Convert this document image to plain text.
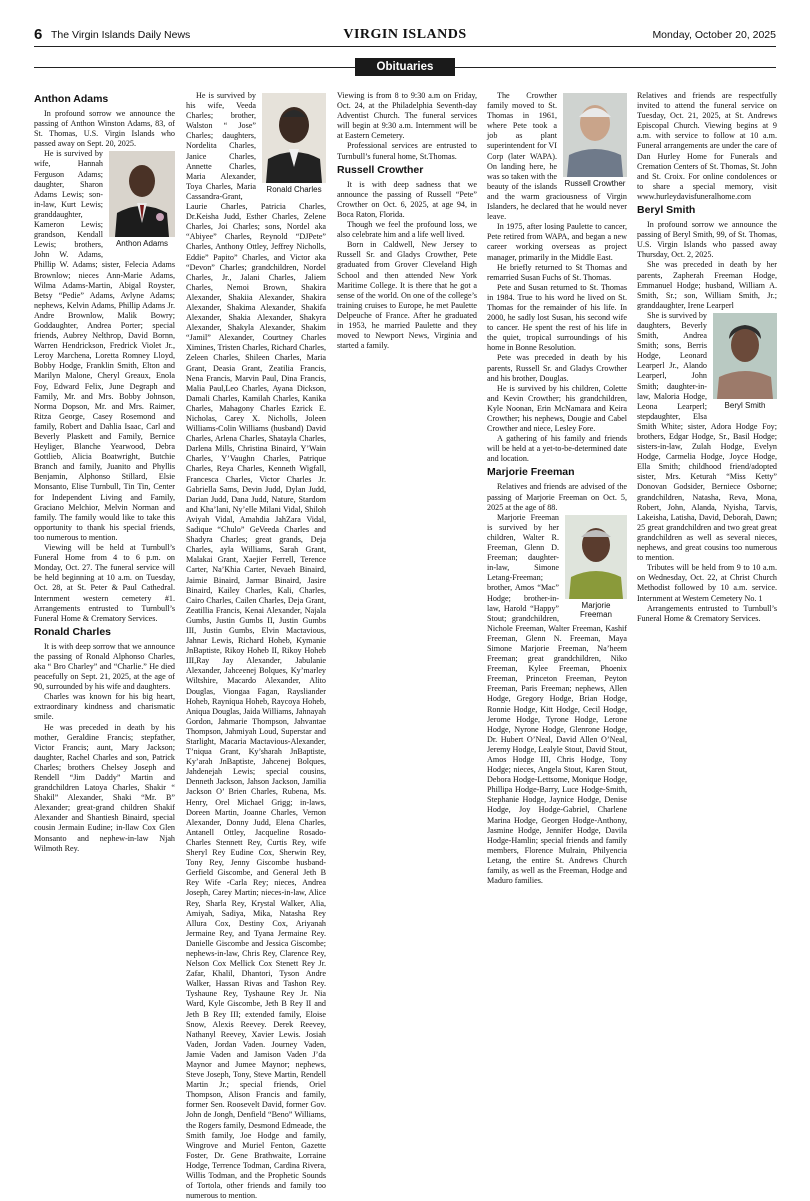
6 The Virgin Islands Daily News	VIRGIN ISLANDS	Monday, October 20, 2025
Obituaries
Anthon Adams

In profound sorrow we announce the passing of Anthon Winston Adams, 83, of St. Thomas, U.S. Virgin Islands who passed away on Sept. 20, 2025.

Anthon Adams

He is survived by wife, Hannah Ferguson Adams; daughter, Sharon Adams Lewis; son-in-law, Kurt Lewis; granddaughter, Kameron Lewis; grandson, Kendall Lewis; brothers, John W. Adams, Phillip W. Adams; sister, Felecia Adams Brownlow; nieces Ann-Marie Adams, Wilma Adams-Martin, Abigal Royster, Betsy “Pedie” Adams, Avlyne Adams; nephews, Kelvin Adams, Phillip Adams Jr. Andre Brownlow, Malik Bowry; Goddaughter, Andrea Porter; special friends, Aubrey Nelthrop, David Bornn, Warren Hendrickson, Fredrick Violet Jr., Leroy Marchena, Loretta Romney Lloyd, Bobby Hodge, Franklin Smith, Elton and Marilyn Malone, Cheryl Greaux, Enola Foy, Edward Felix, June Degraph and Family, Mr. and Mrs. Bobby Johnson, Norma Dopson, Mr. and Mrs. Raimer, Ritza George, Casey Rosemond and family, Robert and Dahlia Isaac, Carl and Beverly Plaskett and Family, Bernice Heyliger, Blanche Yearwood, Debra Gottlieb, Alicia Boatwright, Butchie Branch and family, Juanito and Phyllis Benjamin, Alphonso Stillard, Elsie Monsanto, Elise Turnbull, Tin Tin, Center for Independent Living and Family, Graciano Melchior, Melvin Norman and family. The family would like to take this opportunity to thank his special friends, too numerous to mention.

Viewing will be held at Turnbull’s Funeral Home from 4 to 6 p.m. on Monday, Oct. 27. The funeral service will be held beginning at 10 a.m. on Tuesday, Oct. 28, at St. Peter & Paul Cathedral. Internment western cemetery #1. Arrangements entrusted to Turnbull’s Funeral Home & Crematory Services.

Ronald Charles

It is with deep sorrow that we announce the passing of Ronald Alphonso Charles, aka “ Bro Charley” and “Charlie.” He died peacefully on Sept. 21, 2025, at the age of 90, surrounded by his wife and daughters.

Charles was known for his big heart, extraordinary kindness and charismatic smile.

He was preceded in death by his mother, Geraldine Francis; stepfather, Victor Francis; aunt, Mary Jackson; daughter, Rachel Charles and son, Patrick Charles; brothers Chelsey Joseph and Rendell “Jim Daddy” Martin and grandchildren Latoya Charles, Shakir “ Shakil” Alexander, Shaki “Mr. B” Alexander; great-grand children Shakif Alexander and Shantiesh Binaird, special cousin Jermain Eudine; in-llaw Cox Glen Monsanto and nephew-in-law Njah Wilmoth Rey.

Ronald Charles

He is survived by his wife, Veeda Charles; brother, Walston “ Jose” Charles; daughters, Nordelita Charles, Janice Charles, Annette Charles, Maria Alexander, Toya Charles, Maria Cassandra-Grant, Laurie Charles, Patricia Charles, Dr.Keisha Judd, Esther Charles, Zelene Charles, Joi Charles; sons, Nordel aka “Abiyee” Charles, Reynold “DJPete” Charles, Anthony Ottley, Jeffrey Nicholls, Eddie” Papito” Charles, and Victor aka “Devon” Charles; grandchildren, Nordel Charles, Jr., Jalani Charles, Jaliem Charles, Nemoi Brown, Shakira Alexander, Shakiia Alexander, Shakira Alexander, Shakima Alexander, Shakifa Alexander, Shakia Alexander, Shakyra Alexander, Shakyla Alexander, Shakim “Jamil” Alexander, Courtney Charles Ximines, Tristen Charles, Richard Charles, Zeleen Charles, Shileen Charles, Maria Grant, Deasia Grant, Zeatilia Francis, Nena Francis, Marvin Paul, Dina Francis, Malia Paul,Leo Charles, Ayana Dickson, Damali Charles, Kamilah Charles, Kanika Charles, Mahagony Charles Ezrick E. Nicholas, Carey X. Nicholls, Joleen Williams-Colin Williams (husband) David Charles, Arlena Charles, Shatayla Charles, Darlena Mills, Christina Binaird, Y’Wain Charles, Y’Vaughn Charles, Patrique Charles, Reya Charles, Kenneth Wigfall, Francesca Charles, Victor Charles Jr. Gabriella Sams, Devin Judd, Dylan Judd, Darian Judd, Dana Judd, Nature, Stardom and Kha’lani, Ny’elle Milani Vidal, Shiloh Aviyah Vidal, Amahdia JahZara Vidal, Sadique “Chulo” GeVeeda Charles and Shadyra Charles; great grands, Deja Charles, ayla Williams, Sarah Grant, Malakai Grant, Xaejier Ferrell, Terence Carter, Na’Khia Carter, Nevaeh Binaird, Jaimie Binaird, Jarmar Binaird, Jasire Binaird, Kailey Charles, Kali, Charles, Cairo Charles, Cailen Charles, Deja Grant, Zeatillia Francis, Kenai Alexander, Najala Gumbs, Justin Gumbs II, Justin Gumbs III, Justin Gumbs, Elvin Mactavious, Jahnar Lewis, Richard Hoheb, Kymanie JnBaptiste, Rikoy Hoheb II, Rikoy Hoheb III,Ray Jay Alexander, Jabulanie Alexander, Jahceenej Bolques, Ky’marley Wiltshire, Macardo Alexander, Alito Douglas, Viongaa Fagan, Raysliander Hoheb, Rayniqua Hoheb, Raycoya Hoheb, Aniqua Douglas, Jaida Williams, Jahnayah Gordon, Jahmarie Thompson, Jahvantae Thompson, Jahmiyah Loud, Superstar and Starlight, Macaria Mactavious-Alexander, T’niqua Grant, Ky’sharah JnBaptiste, Ky’arah JnBaptiste, Jahcenej Bolques, Jahdenejah Lewis; special cousins, Denneth Jackson, Jahson Jackson, Jamilia Jackson O’ Brien Charles, Rubena, Ms. Henry, Orel Michael Grigg; in-laws, Doreen Martin, Joanne Charles, Vernon Alexander, Donny Judd, Elena Charles, Antanell Ottley, Jacqueline Rosado-Charles Stennett Rey, Curtis Rey, wife Sheryl Rey Eudine Cox, Sherwin Rey, Tony Rey, Jenny Giscombe husband-Gerfield Giscombe, and General Jeth B Rey Wife -Carla Rey; nieces, Andrea Joseph, Carey Martin; nieces-in-law, Alice Rey, Sharla Rey, Krystal Walker, Alia, Amiyah, Sadiya, Mika, Natasha Rey Allura Cox, Destiny Cox, Ariyanah Jermaine Rey, and Tyana Jermaine Rey. Danielle Giscombe and Jessica Giscombe; nephews-in-law, Chris Rey, Clarence Rey, Nelson Cox Mellick Cox Stenett Rey Jr. Zafar, Khalil, Dhantori, Tyson Andre Walker, Hassan Rivas and Tashon Rey. Tyshaune Rey, Tyshaune Rey Jr. Nia Ward, Kyle Giscombe, Jeth B Rey II and Jeth B Rey III; extended family, Eloise Snow, Alexis Reevey. Derek Reevey, Nathanyl Reevey, Xavier Lewis. Josiah Vaden, Jordan Vaden. Journey Vaden, Jamie Vaden and Jamison Vaden J’da Maynor and Jumee Maynor; nephews, Steve Joseph, Tony, Steve Martin, Rendell Martin Jr.; special friends, Oriel Thompson, Alison Francis and family, former Sen. Roosevelt David, former Gov. John de Jongh, Denfield “Beno” Williams, the Rogers family, Desmond Edmeade, the Smith family, Joe Hodge and family, Wingrove and Muriel Fenton, Gazette Foster, Dr. Gene Brathwaite, Lorraine Hodge, Terrence Todman, Cardina Rivera, Willis Todman, and the Prophetic Sounds of Tortola, other friends and family too numerous to mention.

Viewing is from 8 to 9:30 a.m on Friday, Oct. 24, at the Philadelphia Seventh-day Adventist Church. The funeral services will begin at 9:30 a.m. Internment will be at Eastern Cemetery.

Professional services are entrusted to Turnbull’s funeral home, St.Thomas.

Russell Crowther

It is with deep sadness that we announce the passing of Russell “Pete” Crowther on Oct. 6, 2025, at age 94, in Boca Raton, Florida.

Though we feel the profound loss, we also celebrate him and a life well lived.

Born in Caldwell, New Jersey to Russell Sr. and Gladys Crowther, Pete graduated from Grover Cleveland High School and then attended New York Maritime College. It is there that he got a sense of the world. On one of the college’s training cruises to Europe, he met Paulette Delpeuche of France. After he graduated in 1953, he married Paulette and they moved to Newport News, Virginia and started a family.

Russell Crowther

The Crowther family moved to St. Thomas in 1961, where Pete took a job as plant superintendent for VI Corp (later WAPA). On landing here, he was so taken with the beauty of the islands and the warm graciousness of Virgin Islanders, he declared that he would never leave.

In 1975, after losing Paulette to cancer, Pete retired from WAPA, and began a new career working overseas as project manager, primarily in the Middle East.

He briefly returned to St Thomas and remarried Susan Fuchs of St. Thomas.

Pete and Susan returned to St. Thomas in 1984. True to his word he lived on St. Thomas for the remainder of his life. In 2000, he sadly lost Susan, his second wife to cancer. He spent the rest of his life in the quiet, tropical surroundings of his home in Bonne Resolution.

Pete was preceded in death by his parents, Russell Sr. and Gladys Crowther and his brother, Douglas.

He is survived by his children, Colette and Kevin Crowther; his grandchildren, Kyle Noonan, Erin McNamara and Keira Crowther; his nephews, Dougie and Cabel Crowther and niece, Lesley Fore.

A gathering of his family and friends will be held at a yet-to-be-determined date and location.

Marjorie Freeman

Relatives and friends are advised of the passing of Marjorie Freeman on Oct. 5, 2025 at the age of 88.

Marjorie Freeman

Marjorie Freeman is survived by her children, Walter R. Freeman, Glenn D. Freeman; daughter-in-law, Simone Letang-Freeman; brother, Amos “Mac” Hodge; brother-in-law, Harold “Happy” Stout; grandchildren, Nichole Freeman, Walter Freeman, Kashif Freeman, Glenn N. Freeman, Maya Simone Marjorie Freeman, Na’heem Freeman; great grandchildren, Niko Freeman, Kylee Freeman, Phoenix Freeman, Princeton Freeman, Peyton Freeman, Paris Freeman; nephews, Allen Hodge, Gregory Hodge, Brian Hodge, Ronnie Hodge, Kitt Hodge, Cecil Hodge, Jerome Hodge, Tyrone Hodge, Lerone Hodge, Nyrone Hodge, Glenrone Hodge, Dr. Hubert O’Neal, David Allen O’Neal, Jeremy Hodge, Lealyle Stout, David Stout, Amos Hodge III, Chris Hodge, Tony Hodge; nieces, Angela Stout, Karen Stout, Debora Hodge-Lettsome, Monique Hodge, Phillipa Hodge-Barry, Luce Hodge-Smith, Stephanie Hodge, Jaynice Hodge, Denise Hodge, Joy Hodge-Gabriel, Charlene Marina Hodge, Georgen Hodge-Anthony, Jasmine Hodge, Jennifer Hodge, Davila Hodge-Hamlin; special friends and family members, Florence Mulrain, Philyencia Letang, the entire St. Andrews Church family, as well as the Freeman, Hodge and Maduro families.

Relatives and friends are respectfully invited to attend the funeral service on Tuesday, Oct. 21, 2025, at St. Andrews Episcopal Church. Viewing begins at 9 a.m. with service to follow at 10 a.m. Funeral arrangements are under the care of Dan Hurley Home for Funerals and Cremation Centers of St. Thomas, St. John and St. Croix. For online condolences or to share a special memory, visit www.hurleydavisfuneralhome.com

Beryl Smith

In profound sorrow we announce the passing of Beryl Smith, 99, of St. Thomas, U.S. Virgin Islands who passed away Thursday, Oct. 2, 2025.

She was preceded in death by her parents, Zapherah Freeman Hodge, Emmanuel Hodge; husband, William A. Smith, Sr.; son, William Smith, Jr.; granddaughter, Irene Learperl

Beryl Smith

She is survived by daughters, Beverly Smith, Andrea Smith; sons, Berris Hodge, Leonard Learperl Jr., Alando Learperl, John Smith; daughter-in-law, Maloria Hodge, Leona Learperl; stepdaughter, Elsa Smith White; sister, Adora Hodge Foy; brothers, Edgar Hodge, Sr., Basil Hodge; sisters-in-law, Zulah Hodge, Evelyn Hodge, Carmelia Hodge, Joyce Hodge, Ella Smith; childhood friend/adopted sister, Mrs. Keturah “Miss Ketty” Donovan Godsider, Berniece Osborne; grandchildren, Natasha, Reva, Mona, Robert, John, Alanda, Nyisha, Tarvis, Lakeisha, Latisha, David, Deborah, Dawn; 25 great grandchildren and two great great grandchildren as well as several nieces, nephews, and great cousins too numerous to mention.

Tributes will be held from 9 to 10 a.m. on Wednesday, Oct. 22, at Christ Church Methodist followed by 10 a.m. service. Internment at Western Cemetery No. 1

Arrangements entrusted to Turnbull’s Funeral Home & Crematory Services.
